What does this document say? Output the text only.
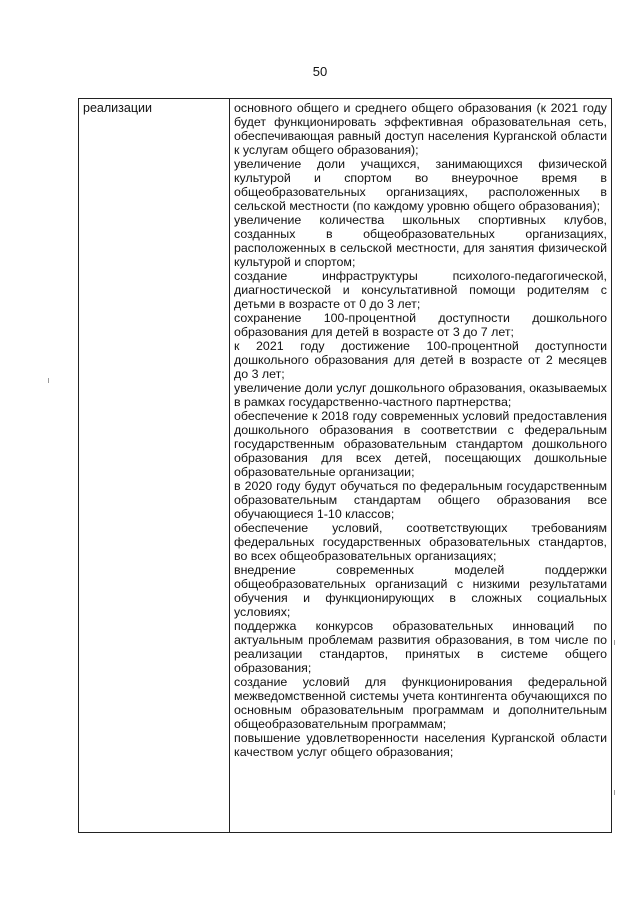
50
реализации	основного общего и среднего общего образования (к 2021 году будет функционировать эффективная образовательная сеть, обеспечивающая равный доступ населения Курганской области к услугам общего образования);

увеличение доли учащихся, занимающихся физической культурой и спортом во внеурочное время в общеобразовательных организациях, расположенных в сельской местности (по каждому уровню общего образования);

увеличение количества школьных спортивных клубов, созданных в общеобразовательных организациях, расположенных в сельской местности, для занятия физической культурой и спортом;

создание инфраструктуры психолого-педагогической, диагностической и консультативной помощи родителям с детьми в возрасте от 0 до 3 лет;

сохранение 100-процентной доступности дошкольного образования для детей в возрасте от 3 до 7 лет;

к 2021 году достижение 100-процентной доступности дошкольного образования для детей в возрасте от 2 месяцев до 3 лет;

увеличение доли услуг дошкольного образования, оказываемых в рамках государственно-частного партнерства;

обеспечение к 2018 году современных условий предоставления дошкольного образования в соответствии с федеральным государственным образовательным стандартом дошкольного образования для всех детей, посещающих дошкольные образовательные организации;

в 2020 году будут обучаться по федеральным государственным образовательным стандартам общего образования все обучающиеся 1-10 классов;

обеспечение условий, соответствующих требованиям федеральных государственных образовательных стандартов, во всех общеобразовательных организациях;

внедрение современных моделей поддержки общеобразовательных организаций с низкими результатами обучения и функционирующих в сложных социальных условиях;

поддержка конкурсов образовательных инноваций по актуальным проблемам развития образования, в том числе по реализации стандартов, принятых в системе общего образования;

создание условий для функционирования федеральной межведомственной системы учета контингента обучающихся по основным образовательным программам и дополнительным общеобразовательным программам;

повышение удовлетворенности населения Курганской области качеством услуг общего образования;
